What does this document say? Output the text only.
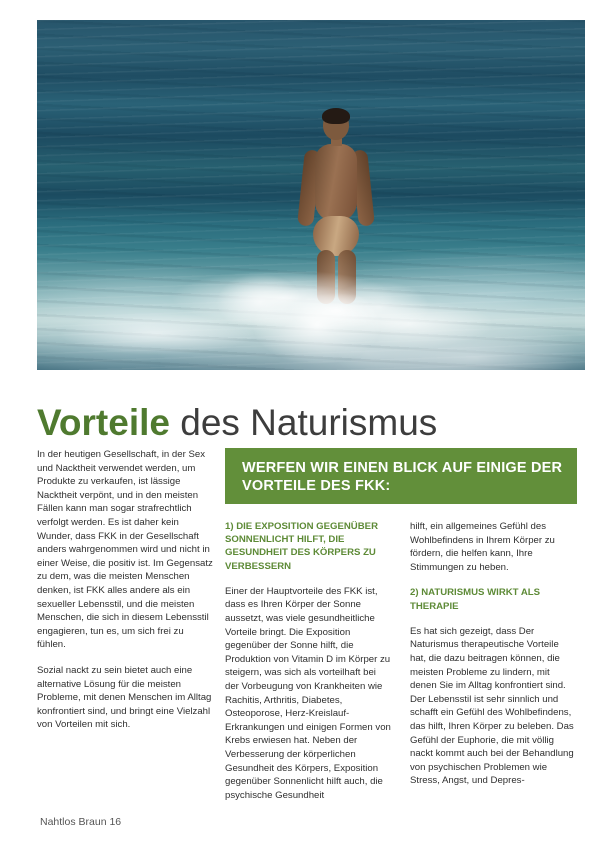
Vorteile des Naturismus

In der heutigen Gesellschaft, in der Sex und Nacktheit verwendet werden, um Produkte zu verkaufen, ist lässige Nacktheit verpönt, und in den meisten Fällen kann man sogar strafrechtlich verfolgt werden. Es ist daher kein Wunder, dass FKK in der Gesellschaft anders wahrgenommen wird und nicht in einer Weise, die positiv ist. Im Gegensatz zu dem, was die meisten Menschen denken, ist FKK alles andere als ein sexueller Lebensstil, und die meisten Menschen, die sich in diesem Lebensstil engagieren, tun es, um sich frei zu fühlen.

Sozial nackt zu sein bietet auch eine alternative Lösung für die meisten Probleme, mit denen Menschen im Alltag konfrontiert sind, und bringt eine Vielzahl von Vorteilen mit sich.

WERFEN WIR EINEN BLICK AUF EINIGE DER VORTEILE DES FKK:

1) DIE EXPOSITION GEGENÜBER SONNENLICHT HILFT, DIE GESUNDHEIT DES KÖRPERS ZU VERBESSERN

Einer der Hauptvorteile des FKK ist, dass es Ihren Körper der Sonne aussetzt, was viele gesundheitliche Vorteile bringt. Die Exposition gegenüber der Sonne hilft, die Produktion von Vitamin D im Körper zu steigern, was sich als vorteilhaft bei der Vorbeugung von Krankheiten wie Rachitis, Arthritis, Diabetes, Osteoporose, Herz-Kreislauf-Erkrankungen und einigen Formen von Krebs erwiesen hat. Neben der Verbesserung der körperlichen Gesundheit des Körpers, Exposition gegenüber Sonnenlicht hilft auch, die psychische Gesundheit

hilft, ein allgemeines Gefühl des Wohlbefindens in Ihrem Körper zu fördern, die helfen kann, Ihre Stimmungen zu heben.

2) NATURISMUS WIRKT ALS THERAPIE

Es hat sich gezeigt, dass Der Naturismus therapeutische Vorteile hat, die dazu beitragen können, die meisten Probleme zu lindern, mit denen Sie im Alltag konfrontiert sind. Der Lebensstil ist sehr sinnlich und schafft ein Gefühl des Wohlbefindens, das hilft, Ihren Körper zu beleben. Das Gefühl der Euphorie, die mit völlig nackt kommt auch bei der Behandlung von psychischen Problemen wie Stress, Angst, und Depres-

Nahtlos Braun 16
